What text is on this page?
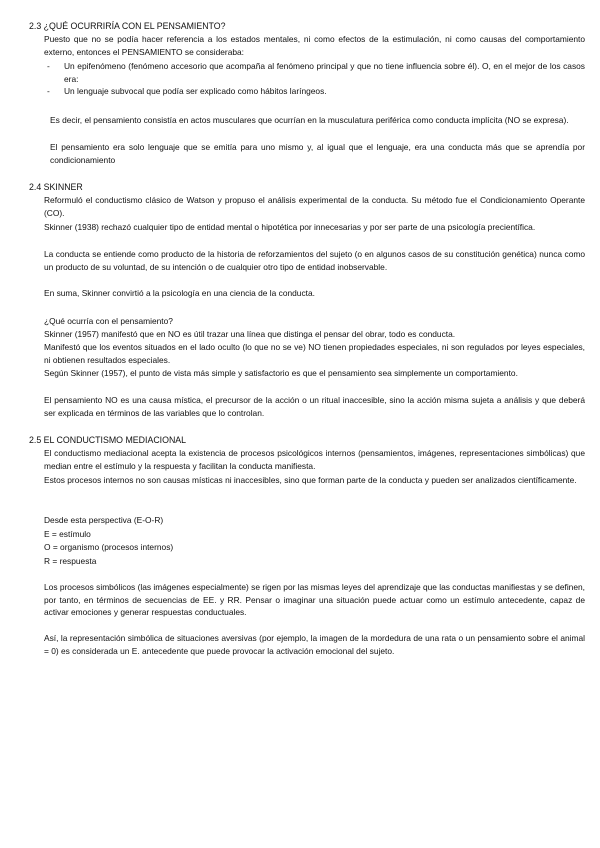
2.3 ¿QUÉ OCURRIRÍA CON EL PENSAMIENTO?

Puesto que no se podía hacer referencia a los estados mentales, ni como efectos de la estimulación, ni como causas del comportamiento externo, entonces el PENSAMIENTO se consideraba:

- Un epifenómeno (fenómeno accesorio que acompaña al fenómeno principal y que no tiene influencia sobre él). O, en el mejor de los casos era:
- Un lenguaje subvocal que podía ser explicado como hábitos laríngeos.

Es decir, el pensamiento consistía en actos musculares que ocurrían en la musculatura periférica como conducta implícita (NO se expresa).

El pensamiento era solo lenguaje que se emitía para uno mismo y, al igual que el lenguaje, era una conducta más que se aprendía por condicionamiento

2.4 SKINNER

Reformuló el conductismo clásico de Watson y propuso el análisis experimental de la conducta. Su método fue el Condicionamiento Operante (CO).

Skinner (1938) rechazó cualquier tipo de entidad mental o hipotética por innecesarias y por ser parte de una psicología precientífica.

La conducta se entiende como producto de la historia de reforzamientos del sujeto (o en algunos casos de su constitución genética) nunca como un producto de su voluntad, de su intención o de cualquier otro tipo de entidad inobservable.

En suma, Skinner convirtió a la psicología en una ciencia de la conducta.

¿Qué ocurría con el pensamiento?

Skinner (1957) manifestó que en NO es útil trazar una línea que distinga el pensar del obrar, todo es conducta.

Manifestó que los eventos situados en el lado oculto (lo que no se ve) NO tienen propiedades especiales, ni son regulados por leyes especiales, ni obtienen resultados especiales.

Según Skinner (1957), el punto de vista más simple y satisfactorio es que el pensamiento sea simplemente un comportamiento.

El pensamiento NO es una causa mística, el precursor de la acción o un ritual inaccesible, sino la acción misma sujeta a análisis y que deberá ser explicada en términos de las variables que lo controlan.

2.5 EL CONDUCTISMO MEDIACIONAL

El conductismo mediacional acepta la existencia de procesos psicológicos internos (pensamientos, imágenes, representaciones simbólicas) que median entre el estímulo y la respuesta y facilitan la conducta manifiesta.

Estos procesos internos no son causas místicas ni inaccesibles, sino que forman parte de la conducta y pueden ser analizados científicamente.

Desde esta perspectiva (E-O-R)

E = estímulo

O = organismo (procesos internos)

R = respuesta

Los procesos simbólicos (las imágenes especialmente) se rigen por las mismas leyes del aprendizaje que las conductas manifiestas y se definen, por tanto, en términos de secuencias de EE. y RR. Pensar o imaginar una situación puede actuar como un estímulo antecedente, capaz de activar emociones y generar respuestas conductuales.

Así, la representación simbólica de situaciones aversivas (por ejemplo, la imagen de la mordedura de una rata o un pensamiento sobre el animal = 0) es considerada un E. antecedente que puede provocar la activación emocional del sujeto.
